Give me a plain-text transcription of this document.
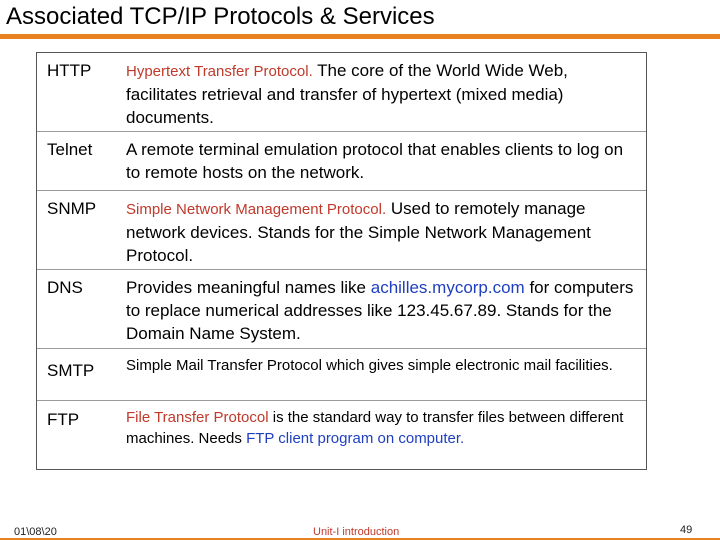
Associated TCP/IP Protocols & Services
HTTP Hypertext Transfer Protocol. The core of the World Wide Web, facilitates retrieval and transfer of hypertext (mixed media) documents.
Telnet A remote terminal emulation protocol that enables clients to log on to remote hosts on the network.
SNMP Simple Network Management Protocol. Used to remotely manage network devices. Stands for the Simple Network Management Protocol.
DNS	Provides meaningful names like achilles.mycorp.com for computers to replace numerical addresses like 123.45.67.89. Stands for the Domain Name System.
SMTP Simple Mail Transfer Protocol which gives simple electronic mail facilities.
FTP	File Transfer Protocol is the standard way to transfer files between different machines. Needs FTP client program on computer.
01\08\20	Unit-I introduction	49
